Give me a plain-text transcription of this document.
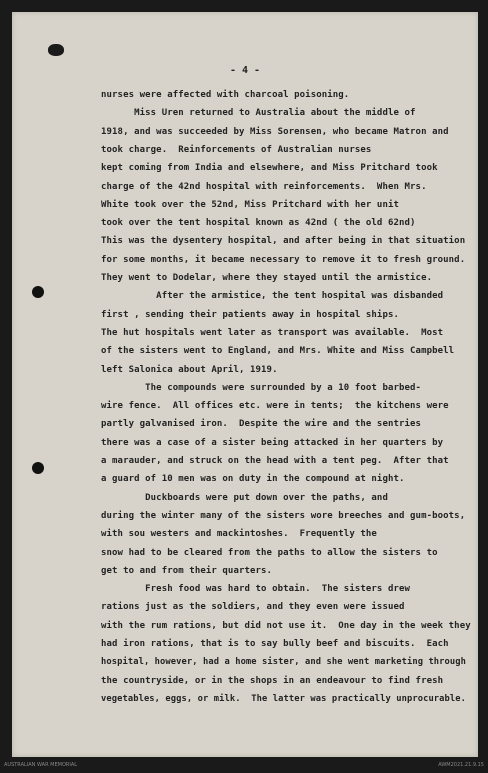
- 4 -
nurses were affected with charcoal poisoning.
Miss Uren returned to Australia about the middle of
1918, and was succeeded by Miss Sorensen, who became Matron and
took charge.  Reinforcements of Australian nurses
kept coming from India and elsewhere, and Miss Pritchard took
charge of the 42nd hospital with reinforcements.  When Mrs.
White took over the 52nd, Miss Pritchard with her unit
took over the tent hospital known as 42nd ( the old 62nd)
This was the dysentery hospital, and after being in that situation
for some months, it became necessary to remove it to fresh ground.
They went to Dodelar, where they stayed until the armistice.
After the armistice, the tent hospital was disbanded
first , sending their patients away in hospital ships.
The hut hospitals went later as transport was available.  Most
of the sisters went to England, and Mrs. White and Miss Campbell
left Salonica about April, 1919.
The compounds were surrounded by a 10 foot barbed-
wire fence.  All offices etc. were in tents;  the kitchens were
partly galvanised iron.  Despite the wire and the sentries
there was a case of a sister being attacked in her quarters by
a marauder, and struck on the head with a tent peg.  After that
a guard of 10 men was on duty in the compound at night.
Duckboards were put down over the paths, and
during the winter many of the sisters wore breeches and gum-boots,
with sou westers and mackintoshes.  Frequently the
snow had to be cleared from the paths to allow the sisters to
get to and from their quarters.
Fresh food was hard to obtain.  The sisters drew
rations just as the soldiers, and they even were issued
with the rum rations, but did not use it.  One day in the week they
had iron rations, that is to say bully beef and biscuits.  Each
hospital, however, had a home sister, and she went marketing through
the countryside, or in the shops in an endeavour to find fresh
vegetables, eggs, or milk.  The latter was practically unprocurable.
AUSTRALIAN WAR MEMORIAL	AWM2021.21.9.15
